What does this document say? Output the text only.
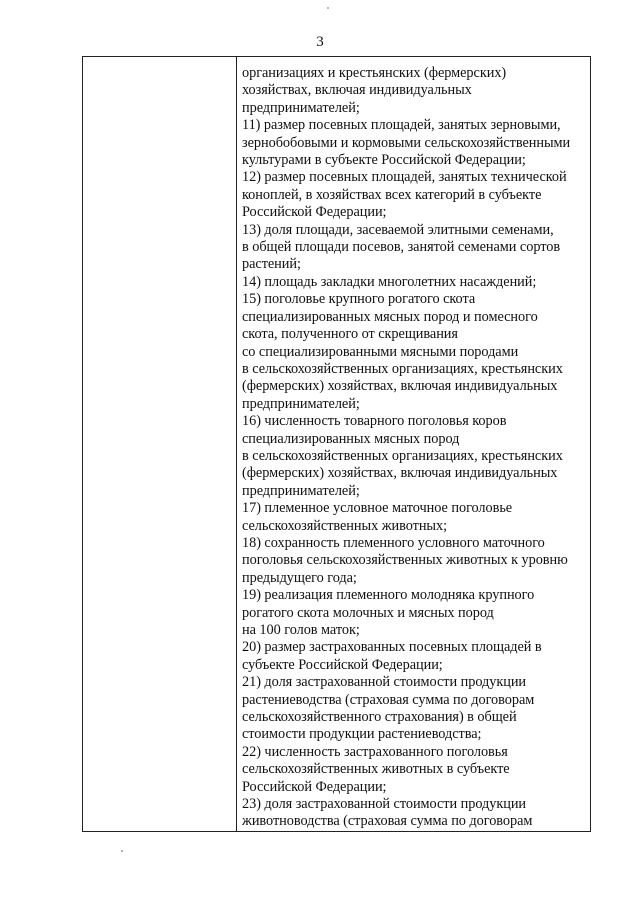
3
организациях и крестьянских (фермерских)
хозяйствах, включая индивидуальных
предпринимателей;
11) размер посевных площадей, занятых зерновыми,
зернобобовыми и кормовыми сельскохозяйственными
культурами в субъекте Российской Федерации;
12) размер посевных площадей, занятых технической
коноплей, в хозяйствах всех категорий в субъекте
Российской Федерации;
13) доля площади, засеваемой элитными семенами,
в общей площади посевов, занятой семенами сортов
растений;
14) площадь закладки многолетних насаждений;
15) поголовье крупного рогатого скота
специализированных мясных пород и помесного
скота, полученного от скрещивания
со специализированными мясными породами
в сельскохозяйственных организациях, крестьянских
(фермерских) хозяйствах, включая индивидуальных
предпринимателей;
16) численность товарного поголовья коров
специализированных мясных пород
в сельскохозяйственных организациях, крестьянских
(фермерских) хозяйствах, включая индивидуальных
предпринимателей;
17) племенное условное маточное поголовье
сельскохозяйственных животных;
18) сохранность племенного условного маточного
поголовья сельскохозяйственных животных к уровню
предыдущего года;
19) реализация племенного молодняка крупного
рогатого скота молочных и мясных пород
на 100 голов маток;
20) размер застрахованных посевных площадей в
субъекте Российской Федерации;
21) доля застрахованной стоимости продукции
растениеводства (страховая сумма по договорам
сельскохозяйственного страхования) в общей
стоимости продукции растениеводства;
22) численность застрахованного поголовья
сельскохозяйственных животных в субъекте
Российской Федерации;
23) доля застрахованной стоимости продукции
животноводства (страховая сумма по договорам
